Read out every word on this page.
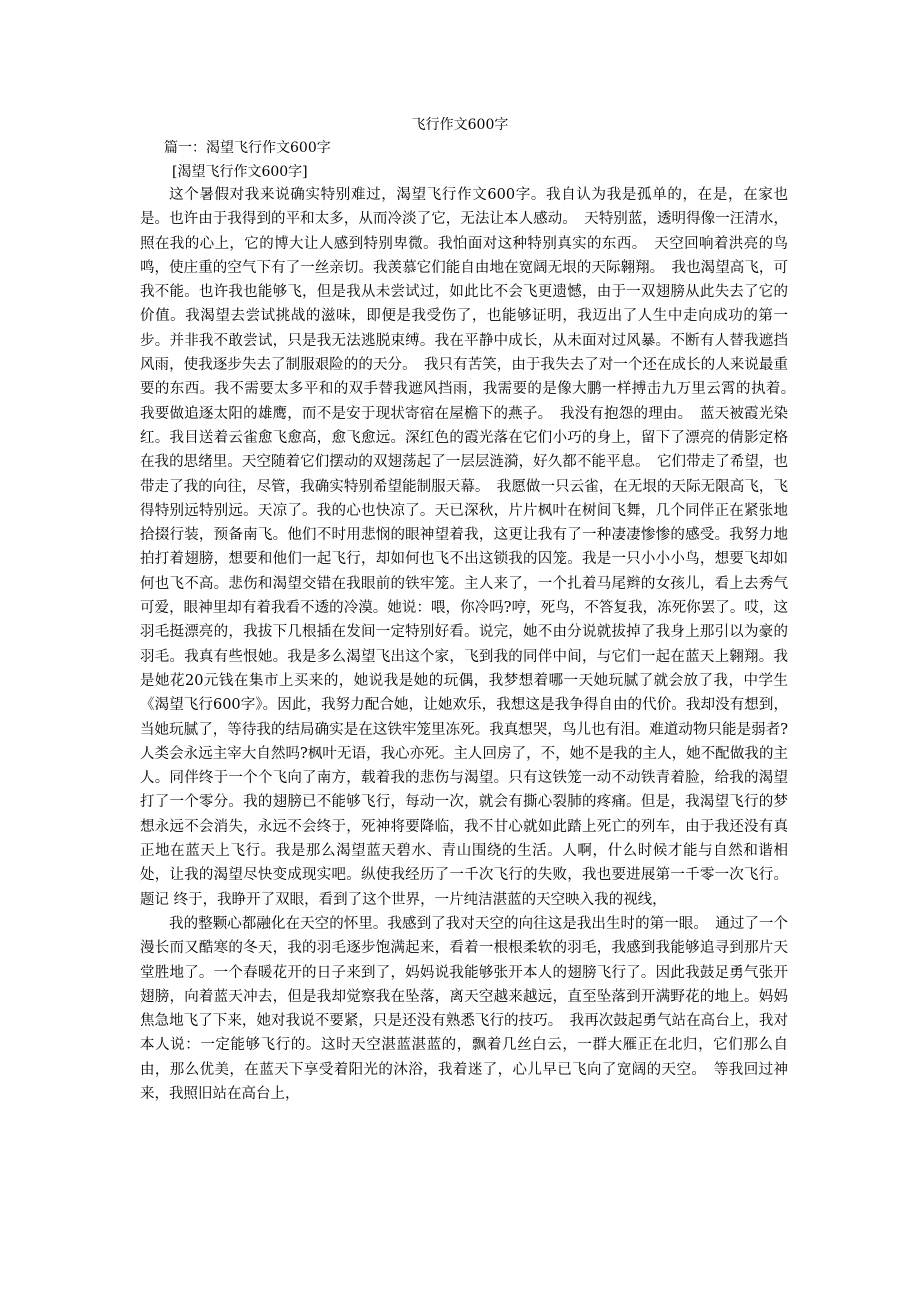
飞行作文600字
篇一：渴望飞行作文600字
[渴望飞行作文600字]

这个暑假对我来说确实特别难过，渴望飞行作文600字。我自认为我是孤单的，在是，在家也是。也许由于我得到的平和太多，从而冷淡了它，无法让本人感动。　天特别蓝，透明得像一汪清水，照在我的心上，它的博大让人感到特别卑微。我怕面对这种特别真实的东西。　天空回响着洪亮的鸟鸣，使庄重的空气下有了一丝亲切。我羡慕它们能自由地在宽阔无垠的天际翱翔。　我也渴望高飞，可我不能。也许我也能够飞，但是我从未尝试过，如此比不会飞更遗憾，由于一双翅膀从此失去了它的价值。我渴望去尝试挑战的滋味，即便是我受伤了，也能够证明，我迈出了人生中走向成功的第一步。并非我不敢尝试，只是我无法逃脱束缚。我在平静中成长，从未面对过风暴。不断有人替我遮挡风雨，使我逐步失去了制服艰险的的天分。　我只有苦笑，由于我失去了对一个还在成长的人来说最重要的东西。我不需要太多平和的双手替我遮风挡雨，我需要的是像大鹏一样搏击九万里云霄的执着。　我要做追逐太阳的雄鹰，而不是安于现状寄宿在屋檐下的燕子。　我没有抱怨的理由。　蓝天被霞光染红。我目送着云雀愈飞愈高，愈飞愈远。深红色的霞光落在它们小巧的身上，留下了漂亮的倩影定格在我的思绪里。天空随着它们摆动的双翅荡起了一层层涟漪，好久都不能平息。　它们带走了希望，也带走了我的向往，尽管，我确实特别希望能制服天幕。　我愿做一只云雀，在无垠的天际无限高飞，飞得特别远特别远。天凉了。我的心也快凉了。天已深秋，片片枫叶在树间飞舞，几个同伴正在紧张地拾掇行装，预备南飞。他们不时用悲悯的眼神望着我，这更让我有了一种凄凄惨惨的感受。我努力地拍打着翅膀，想要和他们一起飞行，却如何也飞不出这锁我的囚笼。我是一只小小小鸟，想要飞却如何也飞不高。悲伤和渴望交错在我眼前的铁牢笼。主人来了，一个扎着马尾辫的女孩儿，看上去秀气可爱，眼神里却有着我看不透的冷漠。她说：喂，你冷吗?哼，死鸟，不答复我，冻死你罢了。哎，这羽毛挺漂亮的，我拔下几根插在发间一定特别好看。说完，她不由分说就拔掉了我身上那引以为豪的羽毛。我真有些恨她。我是多么渴望飞出这个家，飞到我的同伴中间，与它们一起在蓝天上翱翔。我是她花20元钱在集市上买来的，她说我是她的玩偶，我梦想着哪一天她玩腻了就会放了我，中学生《渴望飞行600字》。因此，我努力配合她，让她欢乐，我想这是我争得自由的代价。我却没有想到，当她玩腻了，等待我的结局确实是在这铁牢笼里冻死。我真想哭，鸟儿也有泪。难道动物只能是弱者?人类会永远主宰大自然吗?枫叶无语，我心亦死。主人回房了，不，她不是我的主人，她不配做我的主人。同伴终于一个个飞向了南方，载着我的悲伤与渴望。只有这铁笼一动不动铁青着脸，给我的渴望打了一个零分。我的翅膀已不能够飞行，每动一次，就会有撕心裂肺的疼痛。但是，我渴望飞行的梦想永远不会消失，永远不会终于，死神将要降临，我不甘心就如此踏上死亡的列车，由于我还没有真正地在蓝天上飞行。我是那么渴望蓝天碧水、青山围绕的生活。人啊，什么时候才能与自然和谐相处，让我的渴望尽快变成现实吧。纵使我经历了一千次飞行的失败，我也要进展第一千零一次飞行。题记 终于，我睁开了双眼，看到了这个世界，一片纯洁湛蓝的天空映入我的视线，

我的整颗心都融化在天空的怀里。我感到了我对天空的向往这是我出生时的第一眼。　通过了一个漫长而又酷寒的冬天，我的羽毛逐步饱满起来，看着一根根柔软的羽毛，我感到我能够追寻到那片天堂胜地了。一个春暖花开的日子来到了，妈妈说我能够张开本人的翅膀飞行了。因此我鼓足勇气张开翅膀，向着蓝天冲去，但是我却觉察我在坠落，离天空越来越远，直至坠落到开满野花的地上。妈妈焦急地飞了下来，她对我说不要紧，只是还没有熟悉飞行的技巧。　我再次鼓起勇气站在高台上，我对本人说：一定能够飞行的。这时天空湛蓝湛蓝的，飘着几丝白云，一群大雁正在北归，它们那么自由，那么优美，在蓝天下享受着阳光的沐浴，我着迷了，心儿早已飞向了宽阔的天空。　等我回过神来，我照旧站在高台上，
